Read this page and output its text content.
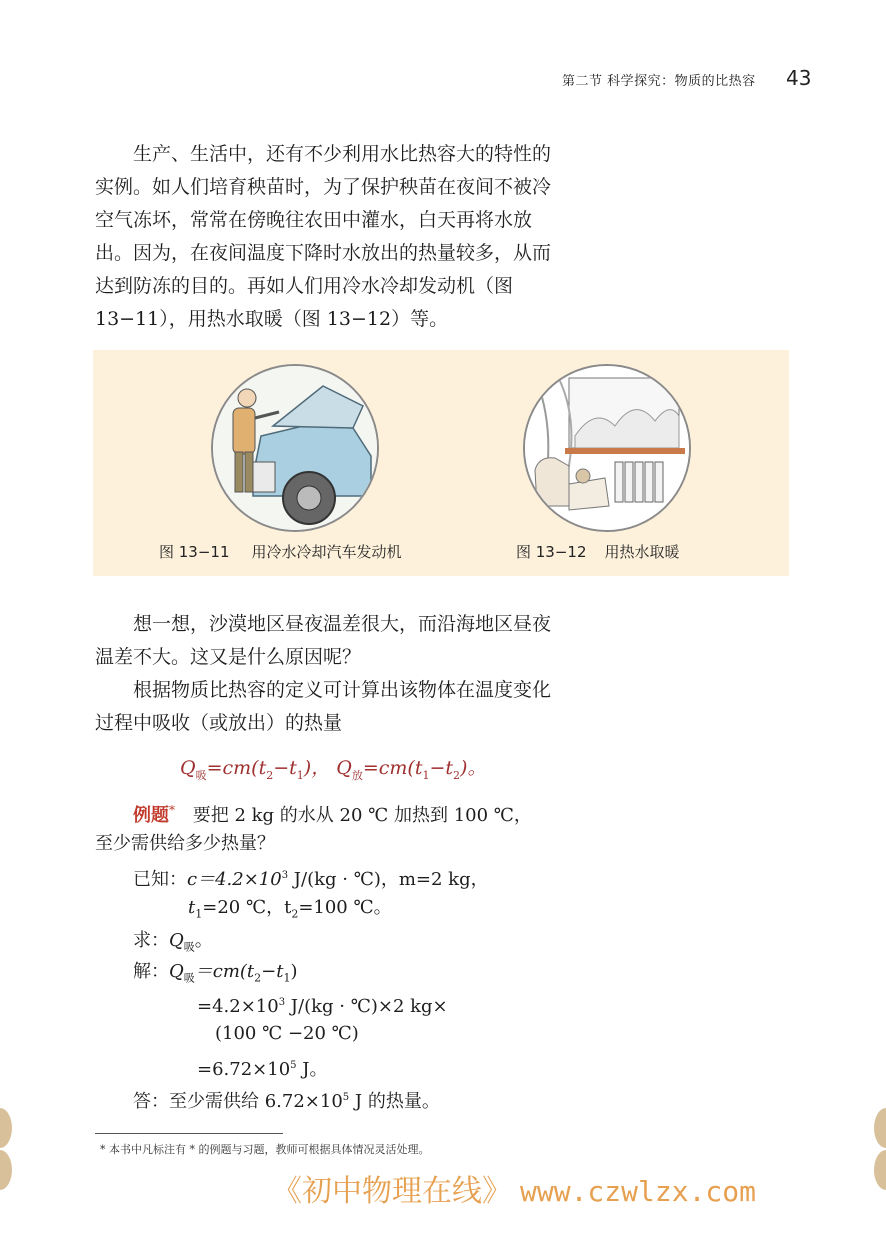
第二节 科学探究：物质的比热容 43
生产、生活中，还有不少利用水比热容大的特性的实例。如人们培育秧苗时，为了保护秧苗在夜间不被冷空气冻坏，常常在傍晚往农田中灌水，白天再将水放出。因为，在夜间温度下降时水放出的热量较多，从而达到防冻的目的。再如人们用冷水冷却发动机（图 13−11），用热水取暖（图 13−12）等。
图 13−11 用冷水冷却汽车发动机	图 13−12 用热水取暖
想一想，沙漠地区昼夜温差很大，而沿海地区昼夜温差不大。这又是什么原因呢？
根据物质比热容的定义可计算出该物体在温度变化过程中吸收（或放出）的热量
$Q_吸=cm(t_2-t_1)$， $Q_放=cm(t_1-t_2)$。
例题* 要把 2 kg 的水从 20 ℃ 加热到 100 ℃，
至少需供给多少热量？
已知：$c=4.2\times 10^3$ J/(kg · ℃)，m=2 kg，
$t_1=20$ ℃，$t_2=100$ ℃。
求：$Q_吸$。
解：$Q_吸=cm(t_2-t_1)$
$=4.2\times 10^3$ J/(kg · ℃)×2 kg×
(100 ℃ −20 ℃)
$=6.72\times 10^5$ J。
答：至少需供给 $6.72\times 10^5$ J 的热量。
* 本书中凡标注有 * 的例题与习题，教师可根据具体情况灵活处理。
《初中物理在线》 www.czwlzx.com
